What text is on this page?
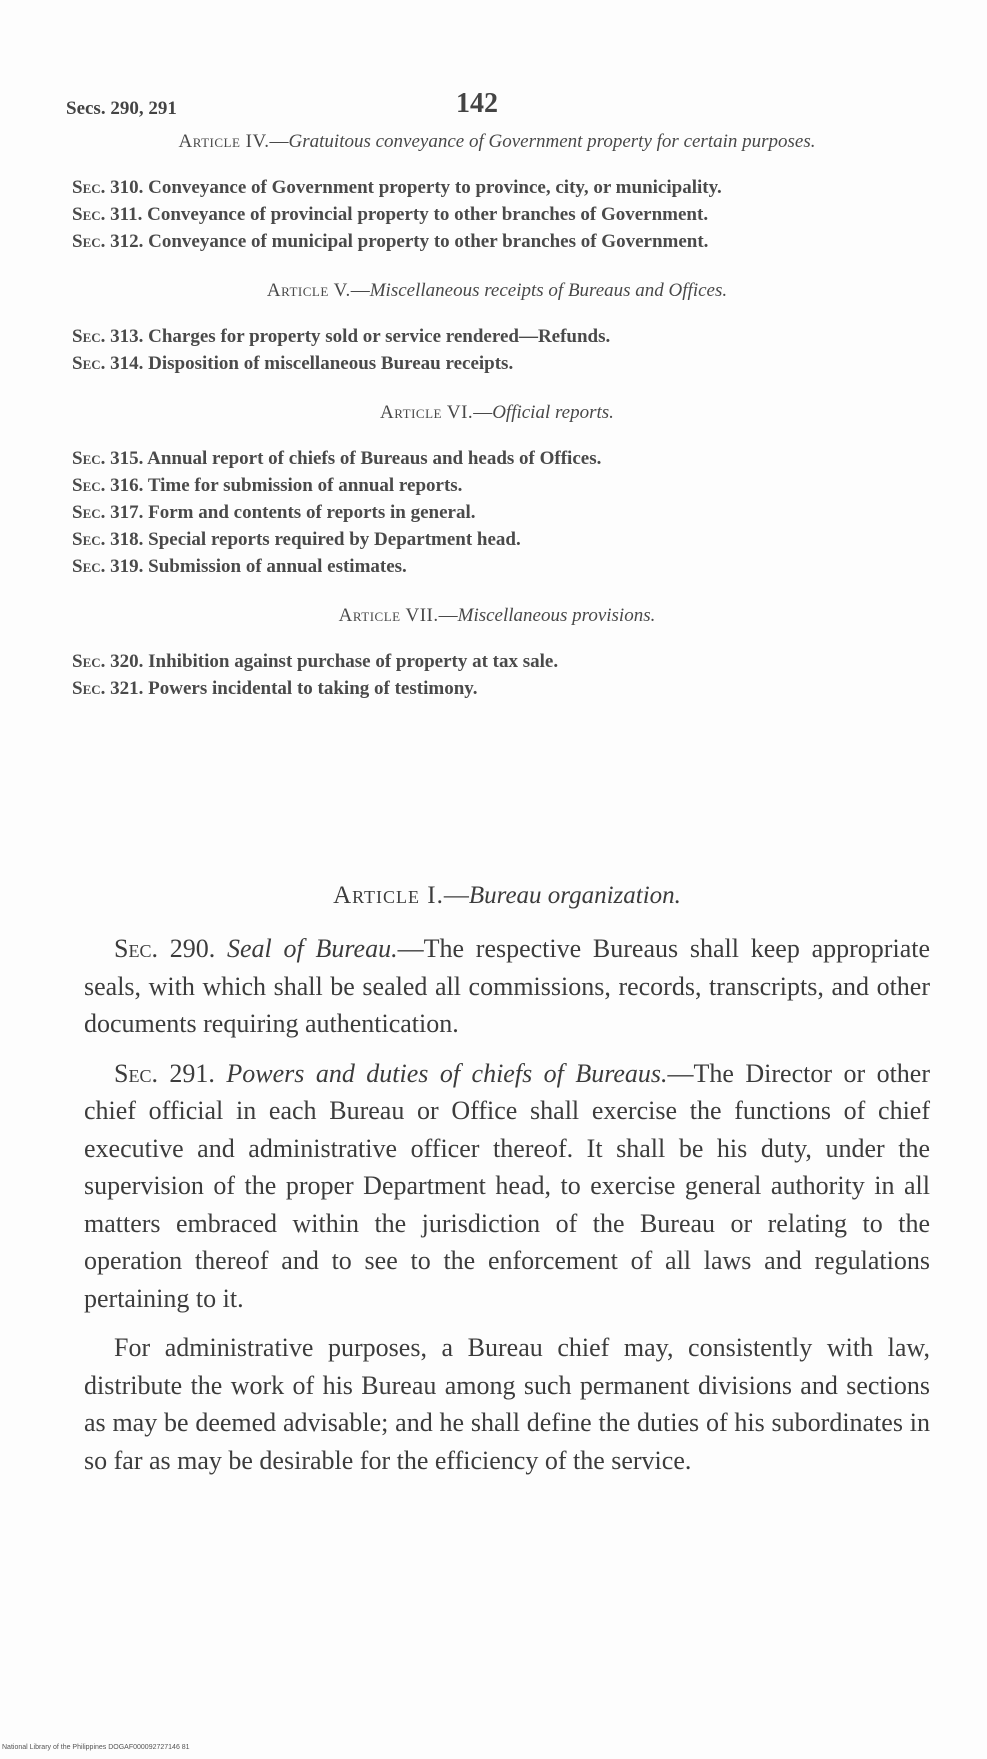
Secs. 290, 291	142

Article IV.—Gratuitous conveyance of Government property for certain purposes.

Sec. 310. Conveyance of Government property to province, city, or municipality.
Sec. 311. Conveyance of provincial property to other branches of Government.
Sec. 312. Conveyance of municipal property to other branches of Government.

Article V.—Miscellaneous receipts of Bureaus and Offices.

Sec. 313. Charges for property sold or service rendered—Refunds.
Sec. 314. Disposition of miscellaneous Bureau receipts.

Article VI.—Official reports.

Sec. 315. Annual report of chiefs of Bureaus and heads of Offices.
Sec. 316. Time for submission of annual reports.
Sec. 317. Form and contents of reports in general.
Sec. 318. Special reports required by Department head.
Sec. 319. Submission of annual estimates.

Article VII.—Miscellaneous provisions.

Sec. 320. Inhibition against purchase of property at tax sale.
Sec. 321. Powers incidental to taking of testimony.

Article I.—Bureau organization.

Sec. 290. Seal of Bureau.—The respective Bureaus shall keep appropriate seals, with which shall be sealed all commissions, records, transcripts, and other documents requiring authentication.

Sec. 291. Powers and duties of chiefs of Bureaus.—The Director or other chief official in each Bureau or Office shall exercise the functions of chief executive and administrative officer thereof. It shall be his duty, under the supervision of the proper Department head, to exercise general authority in all matters embraced within the jurisdiction of the Bureau or relating to the operation thereof and to see to the enforcement of all laws and regulations pertaining to it.

For administrative purposes, a Bureau chief may, consistently with law, distribute the work of his Bureau among such permanent divisions and sections as may be deemed advisable; and he shall define the duties of his subordinates in so far as may be desirable for the efficiency of the service.

National Library of the Philippines DOGAF000092727146 81
